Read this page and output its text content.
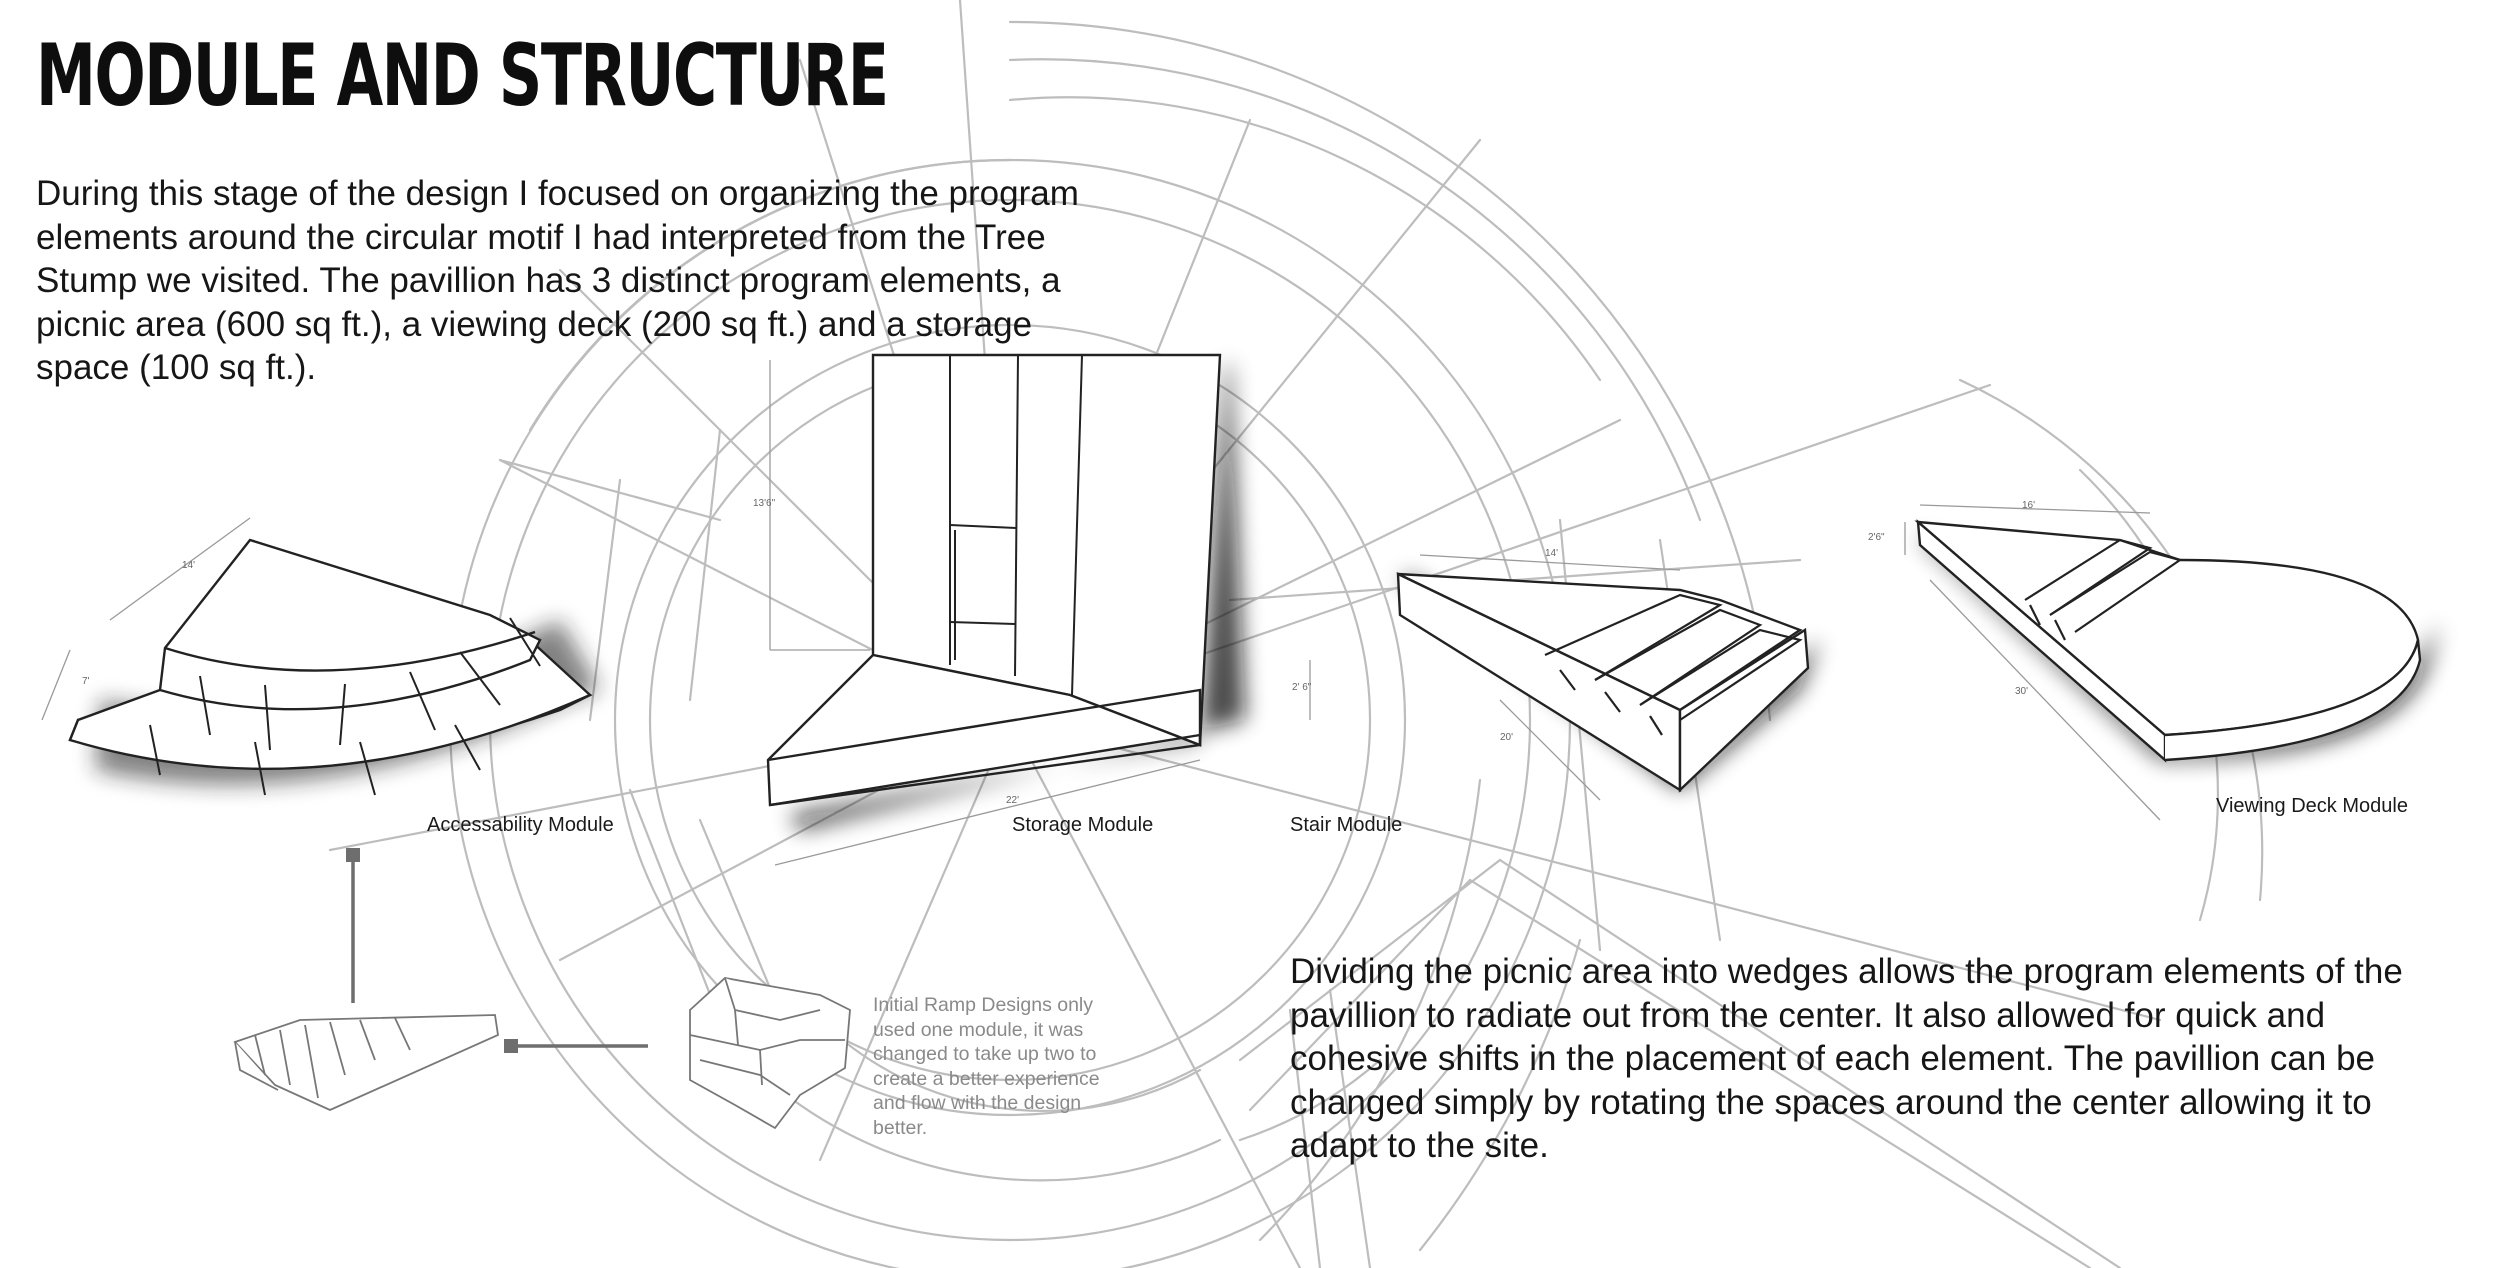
MODULE AND STRUCTURE

During this stage of the design I focused on organizing the program elements around the circular motif I had interpreted from the Tree Stump we visited. The pavillion has 3 distinct program elements, a picnic area (600 sq ft.), a viewing deck (200 sq ft.) and a storage space (100 sq ft.).

Dividing the picnic area into wedges allows the program elements of the pavillion to radiate out from the center. It also allowed for quick and cohesive shifts in the placement of each element. The pavillion can be changed simply by rotating the spaces around the center allowing it to adapt to the site.

Initial Ramp Designs only used one module, it was changed to take up two to create a better experience and flow with the design better.

Accessability Module	Storage Module	Stair Module
Viewing Deck Module
14'
7'
13'6"
22'
14'
2' 6"
20'
16'
2'6"
30'
